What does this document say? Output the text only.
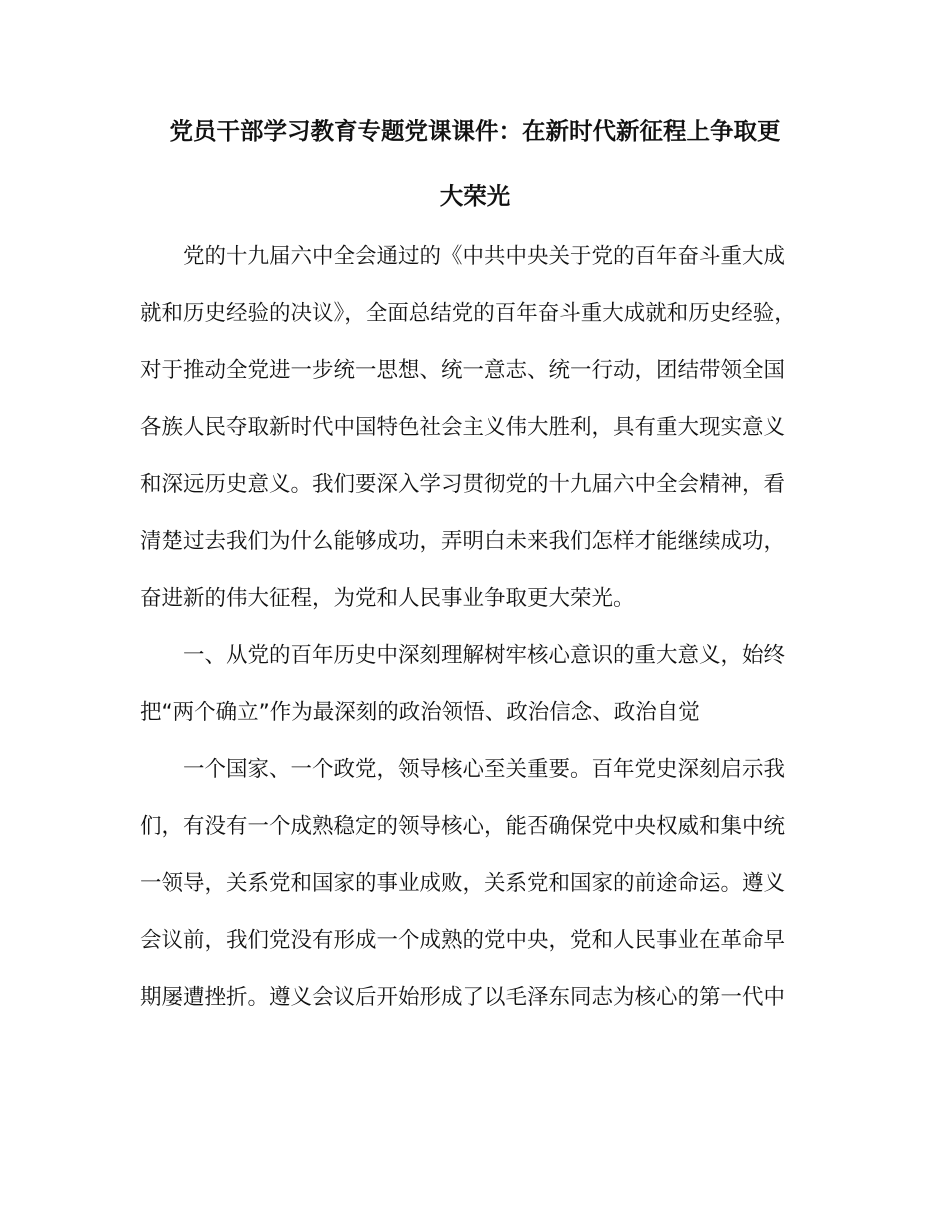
党员干部学习教育专题党课课件：在新时代新征程上争取更
大荣光
党的十九届六中全会通过的《中共中央关于党的百年奋斗重大成
就和历史经验的决议》，全面总结党的百年奋斗重大成就和历史经验，
对于推动全党进一步统一思想、统一意志、统一行动，团结带领全国
各族人民夺取新时代中国特色社会主义伟大胜利，具有重大现实意义
和深远历史意义。我们要深入学习贯彻党的十九届六中全会精神，看
清楚过去我们为什么能够成功，弄明白未来我们怎样才能继续成功，
奋进新的伟大征程，为党和人民事业争取更大荣光。
一、从党的百年历史中深刻理解树牢核心意识的重大意义，始终
把“两个确立”作为最深刻的政治领悟、政治信念、政治自觉
一个国家、一个政党，领导核心至关重要。百年党史深刻启示我
们，有没有一个成熟稳定的领导核心，能否确保党中央权威和集中统
一领导，关系党和国家的事业成败，关系党和国家的前途命运。遵义
会议前，我们党没有形成一个成熟的党中央，党和人民事业在革命早
期屡遭挫折。遵义会议后开始形成了以毛泽东同志为核心的第一代中
